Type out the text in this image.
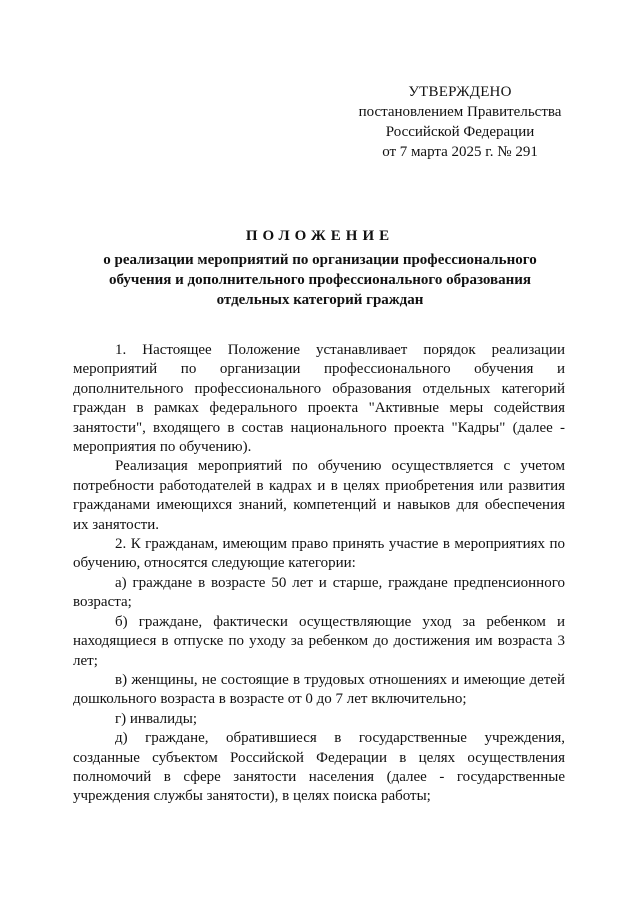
УТВЕРЖДЕНО
постановлением Правительства
Российской Федерации
от 7 марта 2025 г. № 291
ПОЛОЖЕНИЕ
о реализации мероприятий по организации профессионального
обучения и дополнительного профессионального образования
отдельных категорий граждан

1. Настоящее Положение устанавливает порядок реализации мероприятий по организации профессионального обучения и дополнительного профессионального образования отдельных категорий граждан в рамках федерального проекта "Активные меры содействия занятости", входящего в состав национального проекта "Кадры" (далее - мероприятия по обучению).

Реализация мероприятий по обучению осуществляется с учетом потребности работодателей в кадрах и в целях приобретения или развития гражданами имеющихся знаний, компетенций и навыков для обеспечения их занятости.

2. К гражданам, имеющим право принять участие в мероприятиях по обучению, относятся следующие категории:

а) граждане в возрасте 50 лет и старше, граждане предпенсионного возраста;

б) граждане, фактически осуществляющие уход за ребенком и находящиеся в отпуске по уходу за ребенком до достижения им возраста 3 лет;

в) женщины, не состоящие в трудовых отношениях и имеющие детей дошкольного возраста в возрасте от 0 до 7 лет включительно;

г) инвалиды;

д) граждане, обратившиеся в государственные учреждения, созданные субъектом Российской Федерации в целях осуществления полномочий в сфере занятости населения (далее - государственные учреждения службы занятости), в целях поиска работы;
